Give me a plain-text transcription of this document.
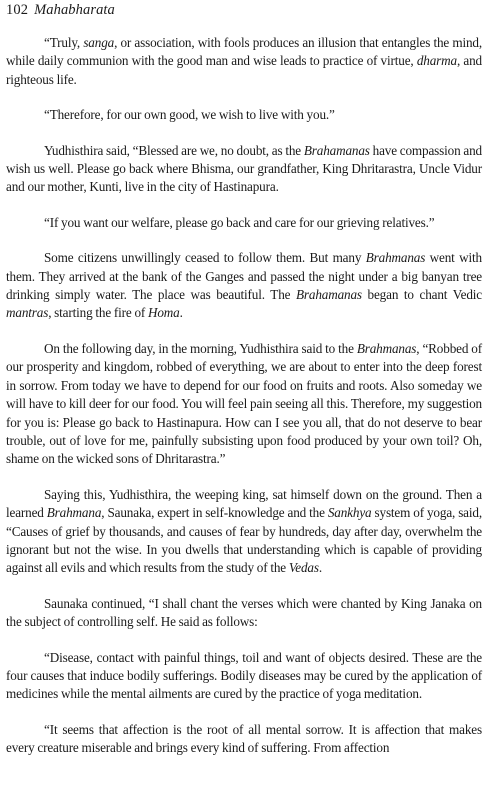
102 Mahabharata

“Truly, sanga, or association, with fools produces an illusion that entangles the mind, while daily communion with the good man and wise leads to practice of virtue, dharma, and righteous life.

“Therefore, for our own good, we wish to live with you.”

Yudhisthira said, “Blessed are we, no doubt, as the Brahamanas have compassion and wish us well. Please go back where Bhisma, our grandfather, King Dhritarastra, Uncle Vidur and our mother, Kunti, live in the city of Hastinapura.

“If you want our welfare, please go back and care for our grieving relatives.”

Some citizens unwillingly ceased to follow them. But many Brahmanas went with them. They arrived at the bank of the Ganges and passed the night under a big banyan tree drinking simply water. The place was beautiful. The Brahamanas began to chant Vedic mantras, starting the fire of Homa.

On the following day, in the morning, Yudhisthira said to the Brahmanas, “Robbed of our prosperity and kingdom, robbed of everything, we are about to enter into the deep forest in sorrow. From today we have to depend for our food on fruits and roots. Also someday we will have to kill deer for our food. You will feel pain seeing all this. Therefore, my suggestion for you is: Please go back to Hastinapura. How can I see you all, that do not deserve to bear trouble, out of love for me, painfully subsisting upon food produced by your own toil? Oh, shame on the wicked sons of Dhritarastra.”

Saying this, Yudhisthira, the weeping king, sat himself down on the ground. Then a learned Brahmana, Saunaka, expert in self-knowledge and the Sankhya system of yoga, said, “Causes of grief by thousands, and causes of fear by hundreds, day after day, overwhelm the ignorant but not the wise. In you dwells that understanding which is capable of providing against all evils and which results from the study of the Vedas.

Saunaka continued, “I shall chant the verses which were chanted by King Janaka on the subject of controlling self. He said as follows:

“Disease, contact with painful things, toil and want of objects desired. These are the four causes that induce bodily sufferings. Bodily diseases may be cured by the application of medicines while the mental ailments are cured by the practice of yoga meditation.

“It seems that affection is the root of all mental sorrow. It is affection that makes every creature miserable and brings every kind of suffering. From affection
